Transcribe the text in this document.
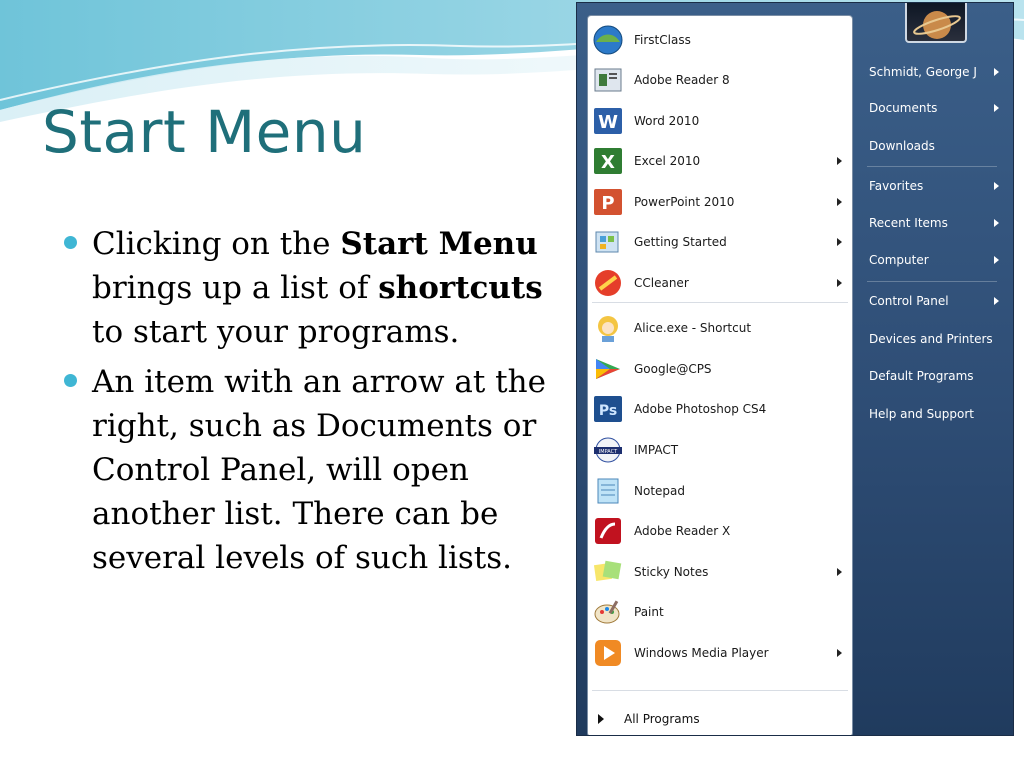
Start Menu
Clicking on the Start Menu brings up a list of shortcuts to start your programs.
An item with an arrow at the right, such as Documents or Control Panel, will open another list. There can be several levels of such lists.
FirstClass
Adobe Reader 8
W Word 2010
X Excel 2010
P PowerPoint 2010
Getting Started
CCleaner
Alice.exe - Shortcut
Google@CPS
Ps Adobe Photoshop CS4
IMPACT IMPACT
Notepad
Adobe Reader X
Sticky Notes
Paint
Windows Media Player
All Programs
Schmidt, George J
Documents
Downloads
Favorites
Recent Items
Computer
Control Panel
Devices and Printers
Default Programs
Help and Support
